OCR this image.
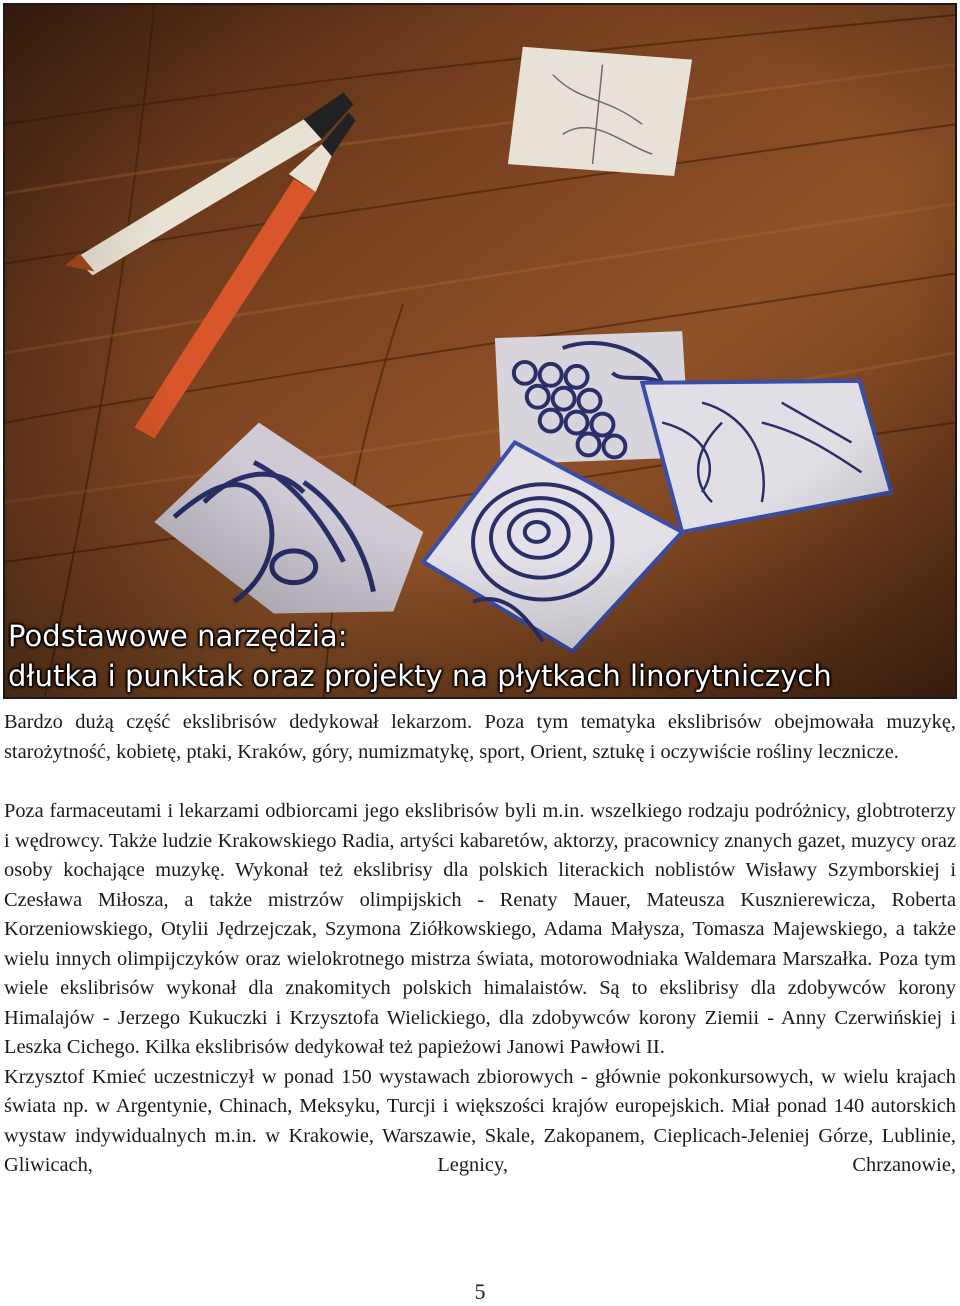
Podstawowe narzędzia:
dłutka i punktak oraz projekty na płytkach linorytniczych

Bardzo dużą część ekslibrisów dedykował lekarzom. Poza tym tematyka ekslibrisów obejmowała muzykę, starożytność, kobietę, ptaki, Kraków, góry, numizmatykę, sport, Orient, sztukę i oczywiście rośliny lecznicze.

Poza farmaceutami i lekarzami odbiorcami jego ekslibrisów byli m.in. wszelkiego rodzaju podróżnicy, globtroterzy i wędrowcy. Także ludzie Krakowskiego Radia, artyści kabaretów, aktorzy, pracownicy znanych gazet, muzycy oraz osoby kochające muzykę. Wykonał też ekslibrisy dla polskich literackich noblistów Wisławy Szymborskiej i Czesława Miłosza, a także mistrzów olimpijskich - Renaty Mauer, Mateusza Kusznierewicza, Roberta Korzeniowskiego, Otylii Jędrzejczak, Szymona Ziółkowskiego, Adama Małysza, Tomasza Majewskiego, a także wielu innych olimpijczyków oraz wielokrotnego mistrza świata, motorowodniaka Waldemara Marszałka. Poza tym wiele ekslibrisów wykonał dla znakomitych polskich himalaistów. Są to ekslibrisy dla zdobywców korony Himalajów - Jerzego Kukuczki i Krzysztofa Wielickiego, dla zdobywców korony Ziemii - Anny Czerwińskiej i Leszka Cichego. Kilka ekslibrisów dedykował też papieżowi Janowi Pawłowi II.

Krzysztof Kmieć uczestniczył w ponad 150 wystawach zbiorowych - głównie pokonkursowych, w wielu krajach świata np. w Argentynie, Chinach, Meksyku, Turcji i większości krajów europejskich. Miał ponad 140 autorskich wystaw indywidualnych m.in. w Krakowie, Warszawie, Skale, Zakopanem, Cieplicach-Jeleniej Górze, Lublinie, Gliwicach, Legnicy, Chrzanowie,

5
